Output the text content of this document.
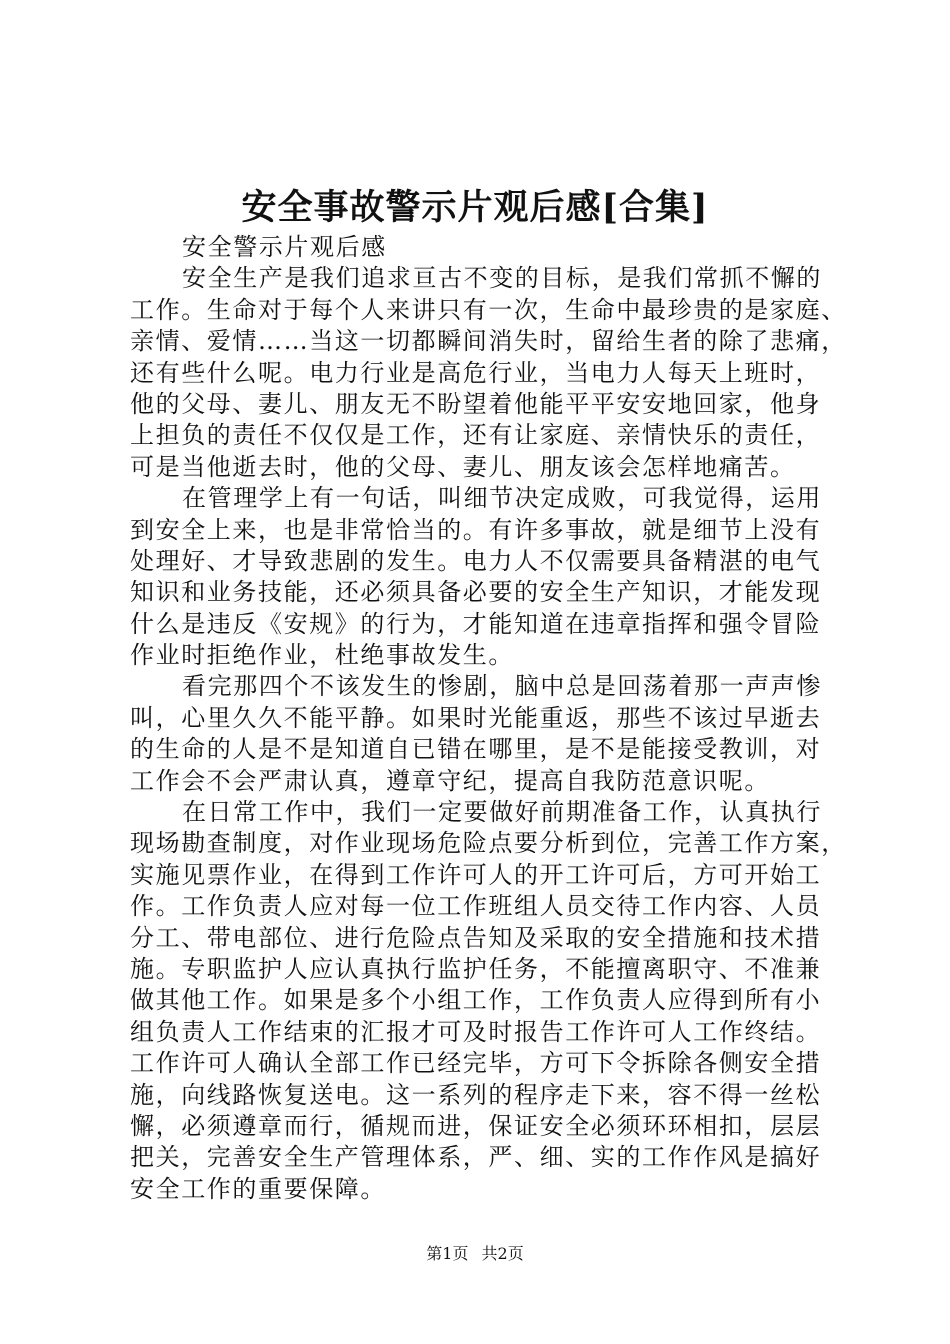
安全事故警示片观后感[合集]

安全警示片观后感

安全生产是我们追求亘古不变的目标，是我们常抓不懈的

工作。生命对于每个人来讲只有一次，生命中最珍贵的是家庭、

亲情、爱情……当这一切都瞬间消失时，留给生者的除了悲痛，

还有些什么呢。电力行业是高危行业，当电力人每天上班时，

他的父母、妻儿、朋友无不盼望着他能平平安安地回家，他身

上担负的责任不仅仅是工作，还有让家庭、亲情快乐的责任，

可是当他逝去时，他的父母、妻儿、朋友该会怎样地痛苦。

在管理学上有一句话，叫细节决定成败，可我觉得，运用

到安全上来，也是非常恰当的。有许多事故，就是细节上没有

处理好、才导致悲剧的发生。电力人不仅需要具备精湛的电气

知识和业务技能，还必须具备必要的安全生产知识，才能发现

什么是违反《安规》的行为，才能知道在违章指挥和强令冒险

作业时拒绝作业，杜绝事故发生。

看完那四个不该发生的惨剧，脑中总是回荡着那一声声惨

叫，心里久久不能平静。如果时光能重返，那些不该过早逝去

的生命的人是不是知道自已错在哪里，是不是能接受教训，对

工作会不会严肃认真，遵章守纪，提高自我防范意识呢。

在日常工作中，我们一定要做好前期准备工作，认真执行

现场勘查制度，对作业现场危险点要分析到位，完善工作方案，

实施见票作业，在得到工作许可人的开工许可后，方可开始工

作。工作负责人应对每一位工作班组人员交待工作内容、人员

分工、带电部位、进行危险点告知及采取的安全措施和技术措

施。专职监护人应认真执行监护任务，不能擅离职守、不准兼

做其他工作。如果是多个小组工作，工作负责人应得到所有小

组负责人工作结束的汇报才可及时报告工作许可人工作终结。

工作许可人确认全部工作已经完毕，方可下令拆除各侧安全措

施，向线路恢复送电。这一系列的程序走下来，容不得一丝松

懈，必须遵章而行，循规而进，保证安全必须环环相扣，层层

把关，完善安全生产管理体系，严、细、实的工作作风是搞好

安全工作的重要保障。

第1页 共2页
